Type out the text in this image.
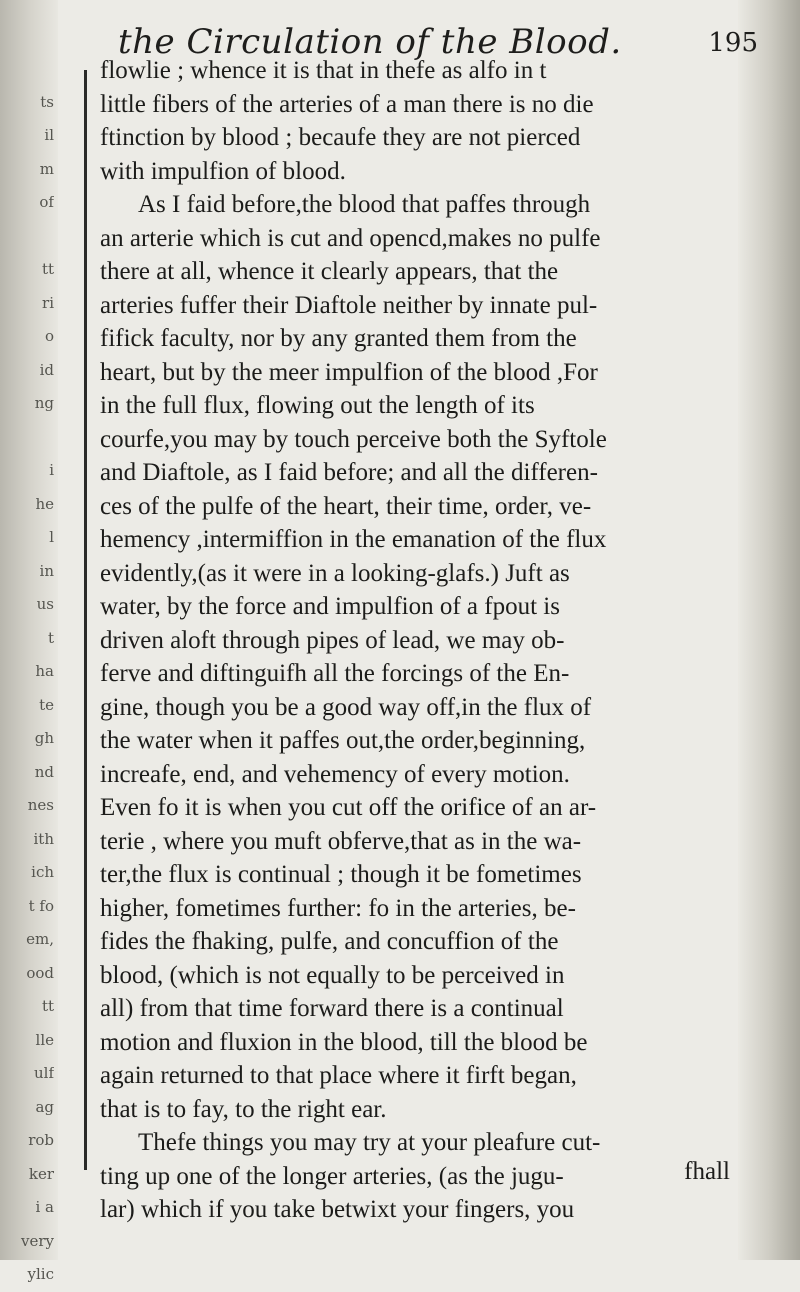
ts
il
m
of
tt
ri
o
id
ng
i
he
l
in
us
t
ha
te
gh
nd
nes
ith
ich
t fo
em,
ood
tt
lle
ulf
ag
rob
ker
i a
very
ylic
the Circulation of the Blood.	195
flowlie ; whence it is that in thefe as alfo in t
little fibers of the arteries of a man there is no die
ftinction by blood ; becaufe they are not pierced
with impulfion of blood.
As I faid before,the blood that paffes through
an arterie which is cut and opencd,makes no pulfe
there at all, whence it clearly appears, that the
arteries fuffer their Diaftole neither by innate pul-
fifick faculty, nor by any granted them from the
heart, but by the meer impulfion of the blood ,For
in the full flux, flowing out the length of its
courfe,you may by touch perceive both the Syftole
and Diaftole, as I faid before; and all the differen-
ces of the pulfe of the heart, their time, order, ve-
hemency ,intermiffion in the emanation of the flux
evidently,(as it were in a looking-glafs.) Juft as
water, by the force and impulfion of a fpout is
driven aloft through pipes of lead, we may ob-
ferve and diftinguifh all the forcings of the En-
gine, though you be a good way off,in the flux of
the water when it paffes out,the order,beginning,
increafe, end, and vehemency of every motion.
Even fo it is when you cut off the orifice of an ar-
terie , where you muft obferve,that as in the wa-
ter,the flux is continual ; though it be fometimes
higher, fometimes further: fo in the arteries, be-
fides the fhaking, pulfe, and concuffion of the
blood, (which is not equally to be perceived in
all) from that time forward there is a continual
motion and fluxion in the blood, till the blood be
again returned to that place where it firft began,
that is to fay, to the right ear.
Thefe things you may try at your pleafure cut-
ting up one of the longer arteries, (as the jugu-
lar) which if you take betwixt your fingers, you
fhall
